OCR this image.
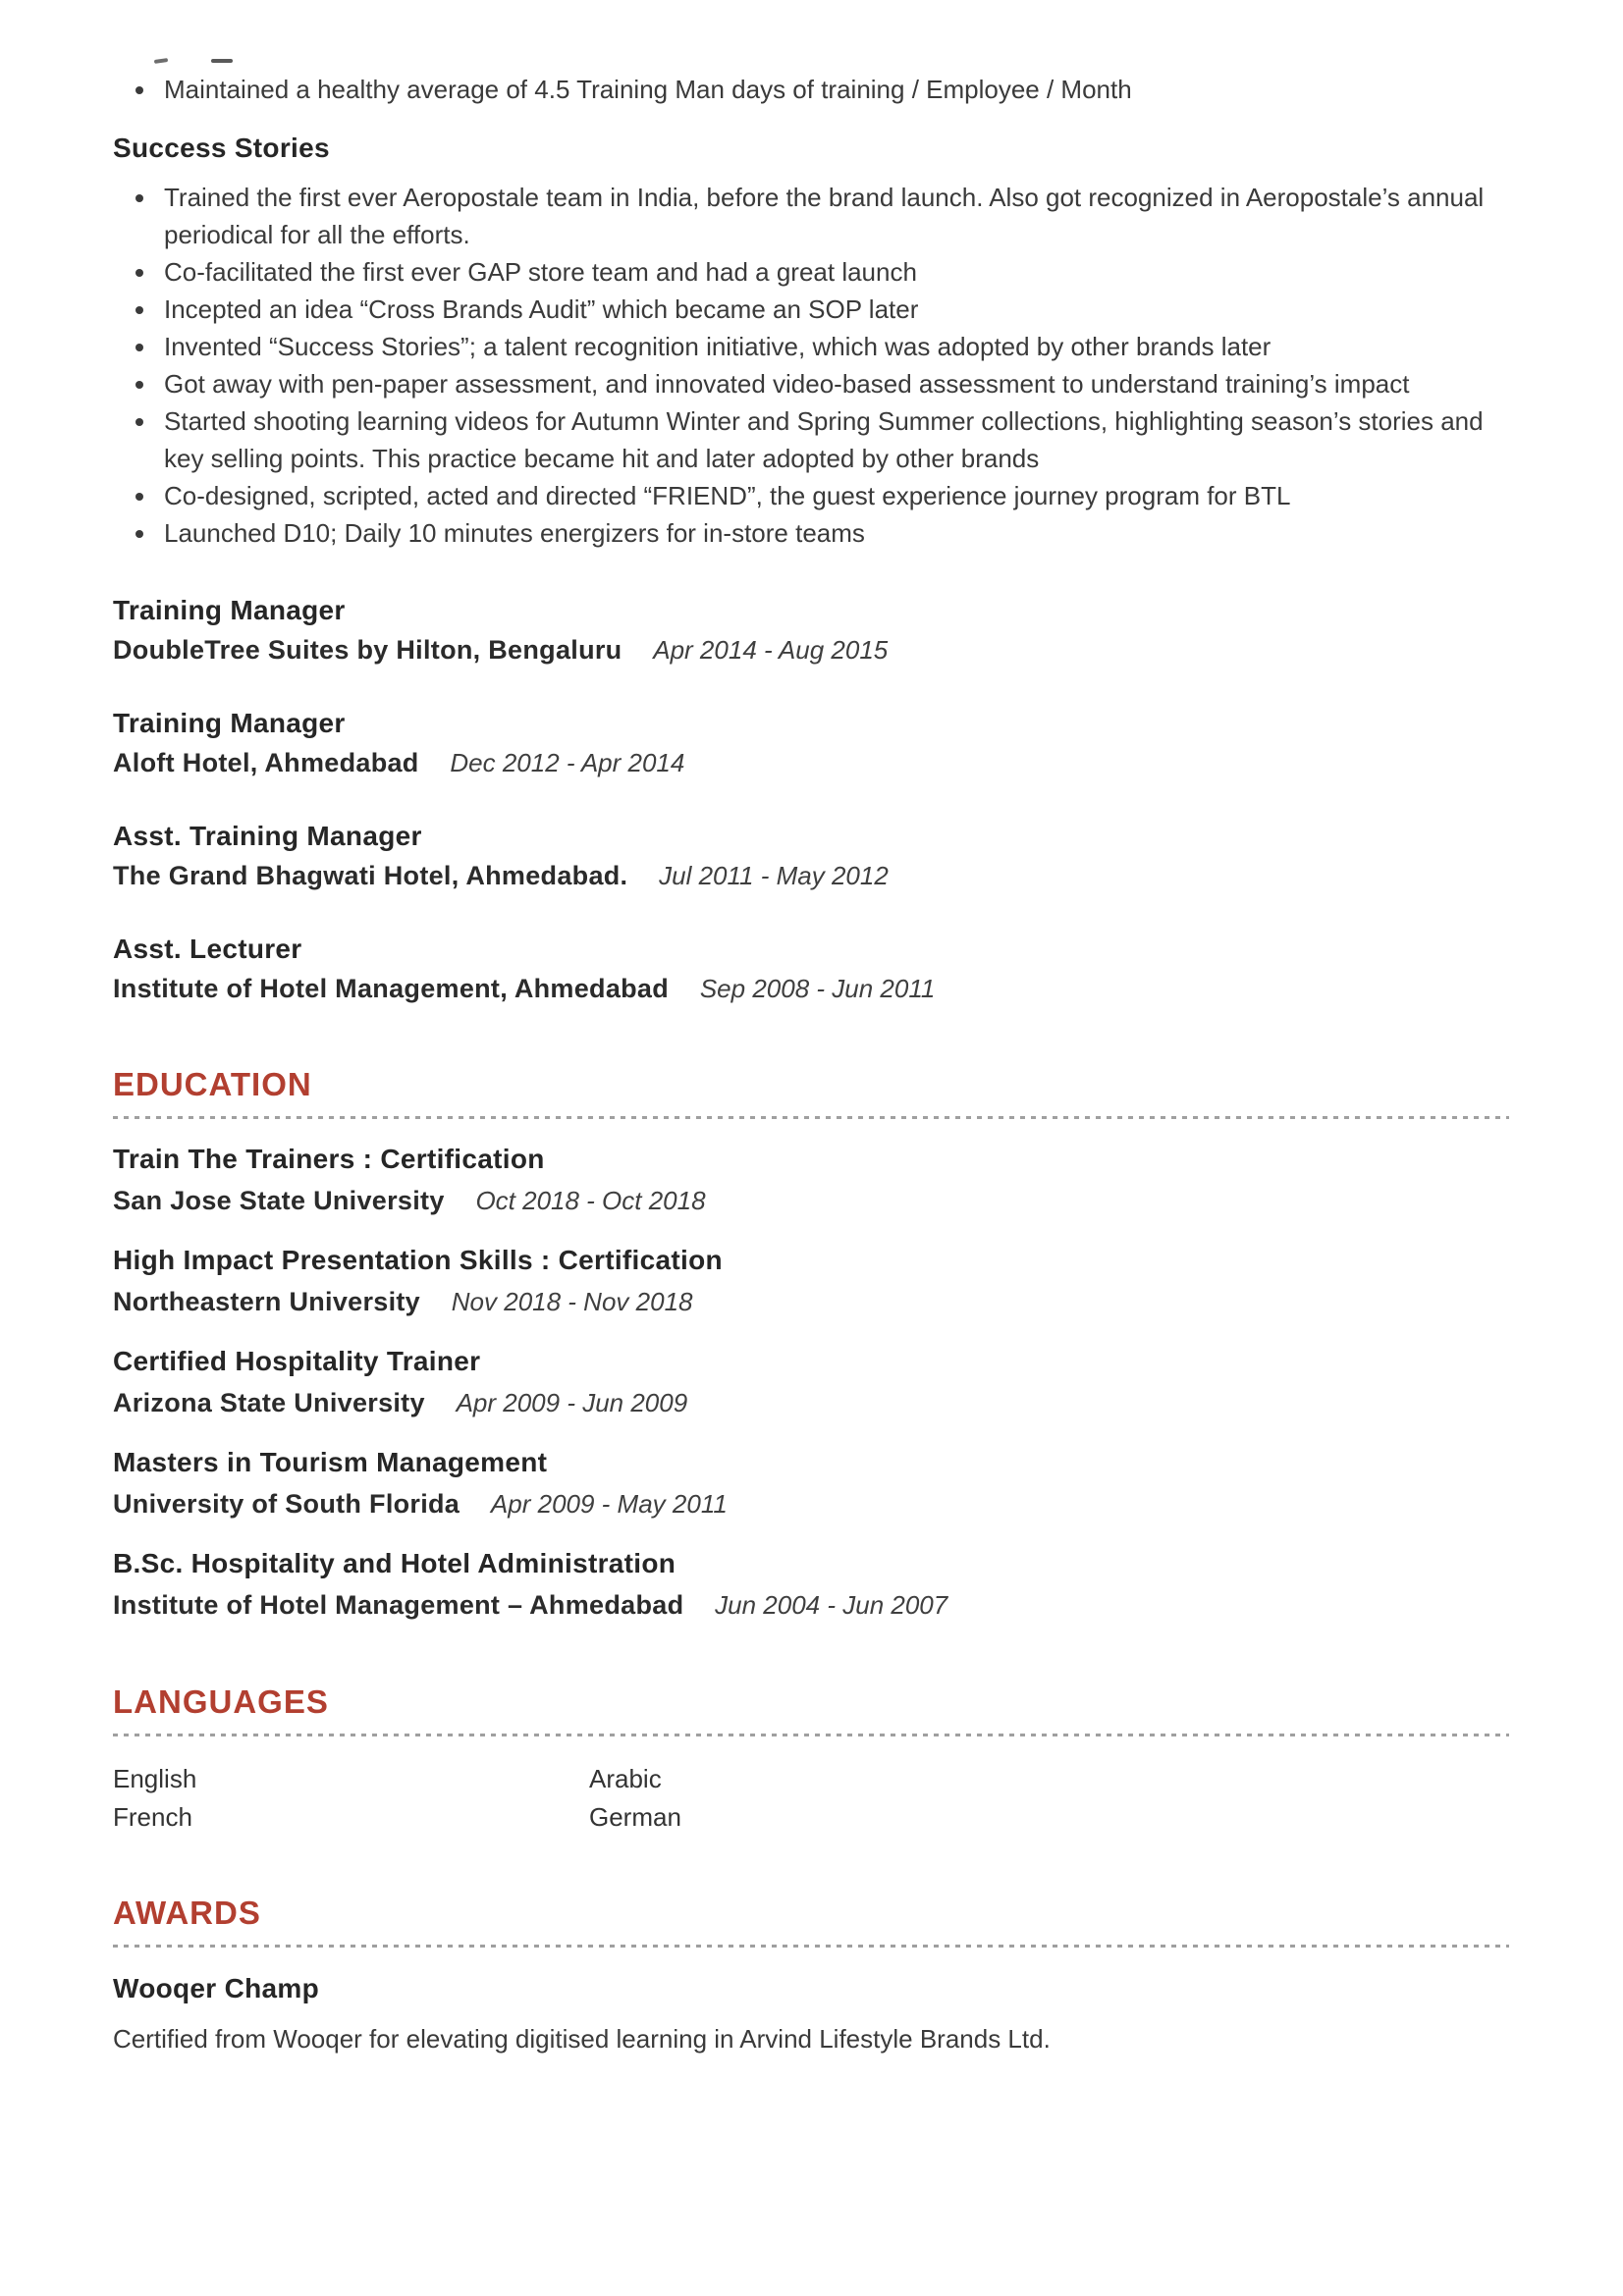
• Maintained a healthy average of 4.5 Training Man days of training / Employee / Month
Success Stories
• Trained the first ever Aeropostale team in India, before the brand launch. Also got recognized in Aeropostale’s annual periodical for all the efforts.
• Co-facilitated the first ever GAP store team and had a great launch
• Incepted an idea “Cross Brands Audit” which became an SOP later
• Invented “Success Stories”; a talent recognition initiative, which was adopted by other brands later
• Got away with pen-paper assessment, and innovated video-based assessment to understand training’s impact
• Started shooting learning videos for Autumn Winter and Spring Summer collections, highlighting season’s stories and key selling points. This practice became hit and later adopted by other brands
• Co-designed, scripted, acted and directed “FRIEND”, the guest experience journey program for BTL
• Launched D10; Daily 10 minutes energizers for in-store teams
Training Manager
DoubleTree Suites by Hilton, Bengaluru Apr 2014 - Aug 2015
Training Manager
Aloft Hotel, Ahmedabad Dec 2012 - Apr 2014
Asst. Training Manager
The Grand Bhagwati Hotel, Ahmedabad. Jul 2011 - May 2012
Asst. Lecturer
Institute of Hotel Management, Ahmedabad Sep 2008 - Jun 2011
EDUCATION
Train The Trainers : Certification
San Jose State University Oct 2018 - Oct 2018
High Impact Presentation Skills : Certification
Northeastern University Nov 2018 - Nov 2018
Certified Hospitality Trainer
Arizona State University Apr 2009 - Jun 2009
Masters in Tourism Management
University of South Florida Apr 2009 - May 2011
B.Sc. Hospitality and Hotel Administration
Institute of Hotel Management – Ahmedabad Jun 2004 - Jun 2007
LANGUAGES
English
French
Arabic
German
AWARDS
Wooqer Champ
Certified from Wooqer for elevating digitised learning in Arvind Lifestyle Brands Ltd.
